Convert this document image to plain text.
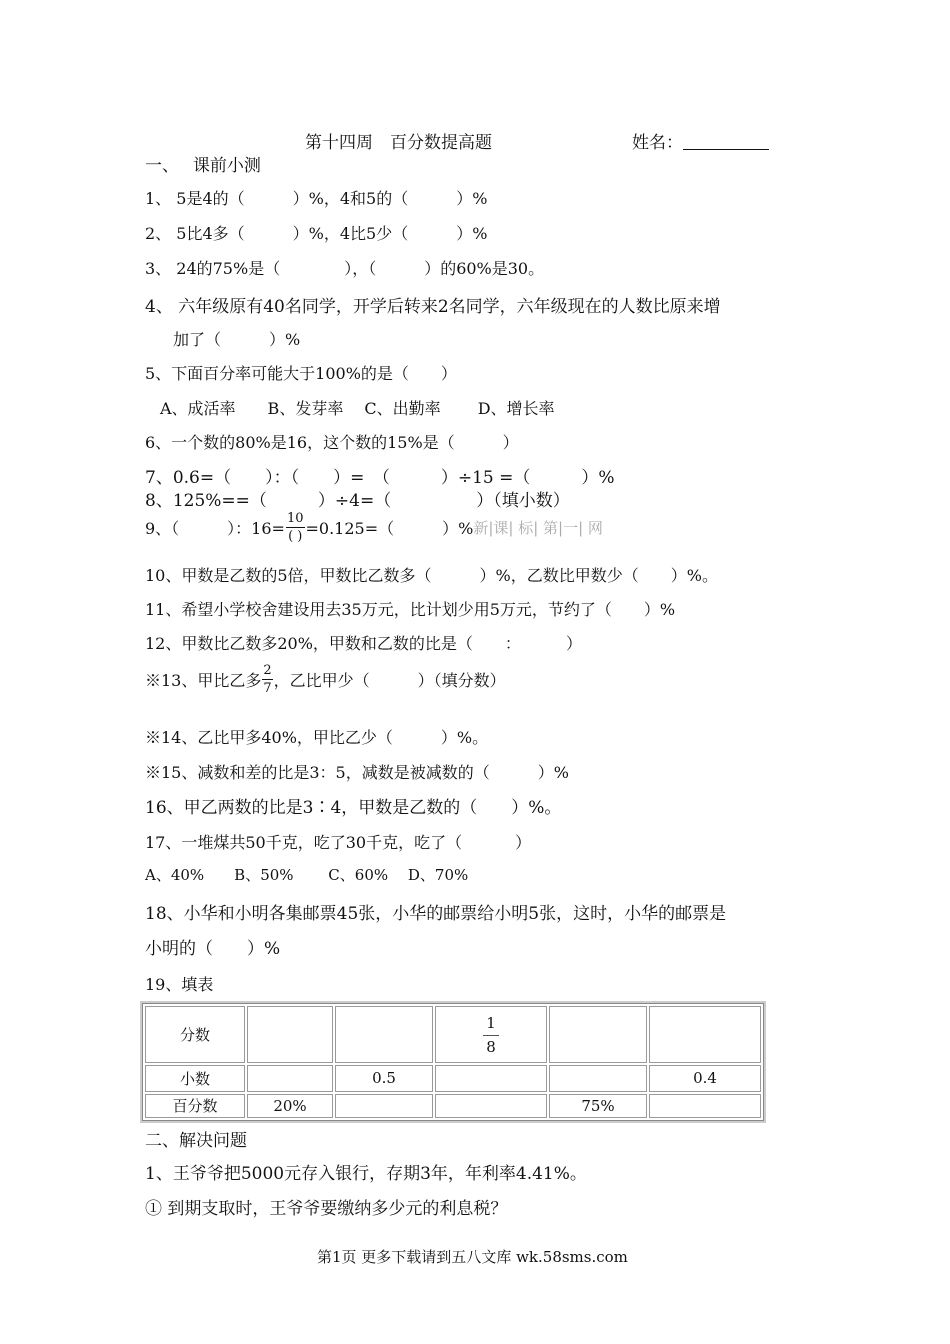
第十四周　百分数提高题	姓名：
一、　 课前小测
1、 5是4的（　　　）%，4和5的（　　　）%
2、 5比4多（　　　）%，4比5少（　　　）%
3、 24的75%是（　　　　），（　　　）的60%是30。
4、 六年级原有40名同学，开学后转来2名同学，六年级现在的人数比原来增
加了（　　　）%
5、下面百分率可能大于100%的是（　　）
A、成活率　　B、发芽率　 C、出勤率　　 D、增长率
6、一个数的80%是16，这个数的15%是（　　　）
7、0.6=（　　）：（　　）=　（　　　）÷15 =（　　　）%
8、125%==（　　　）÷4=（　　　　　）（填小数）
9、（　　　）：$16= \frac{10}{( )} =0.125=$（　　　）% 新|课| 标| 第|一| 网
10、甲数是乙数的5倍，甲数比乙数多（　　　）%，乙数比甲数少（　　）%。
11、希望小学校舍建设用去35万元，比计划少用5万元，节约了（　　）%
12、甲数比乙数多20%，甲数和乙数的比是（　　：　　　 ）
※13、甲比乙多 $\frac{2}{7}$ ，乙比甲少（　　　）（填分数）
※14、乙比甲多40%，甲比乙少（　　　）%。
※15、减数和差的比是3：5，减数是被减数的（　　　）%
16、甲乙两数的比是3∶4，甲数是乙数的（　　）%。
17、一堆煤共50千克，吃了30千克，吃了（　　　 ）
A、40%　　B、50%　　 C、60%　 D、70%
18、小华和小明各集邮票45张，小华的邮票给小明5张，这时，小华的邮票是
小明的（　　）%
19、填表
分数			$\frac{1}{8}$

小数		0.5			0.4
百分数	20%			75%	
二、解决问题
1、王爷爷把5000元存入银行，存期3年，年利率4.41%。
① 到期支取时，王爷爷要缴纳多少元的利息税？
第1页 更多下载请到五八文库 wk.58sms.com
